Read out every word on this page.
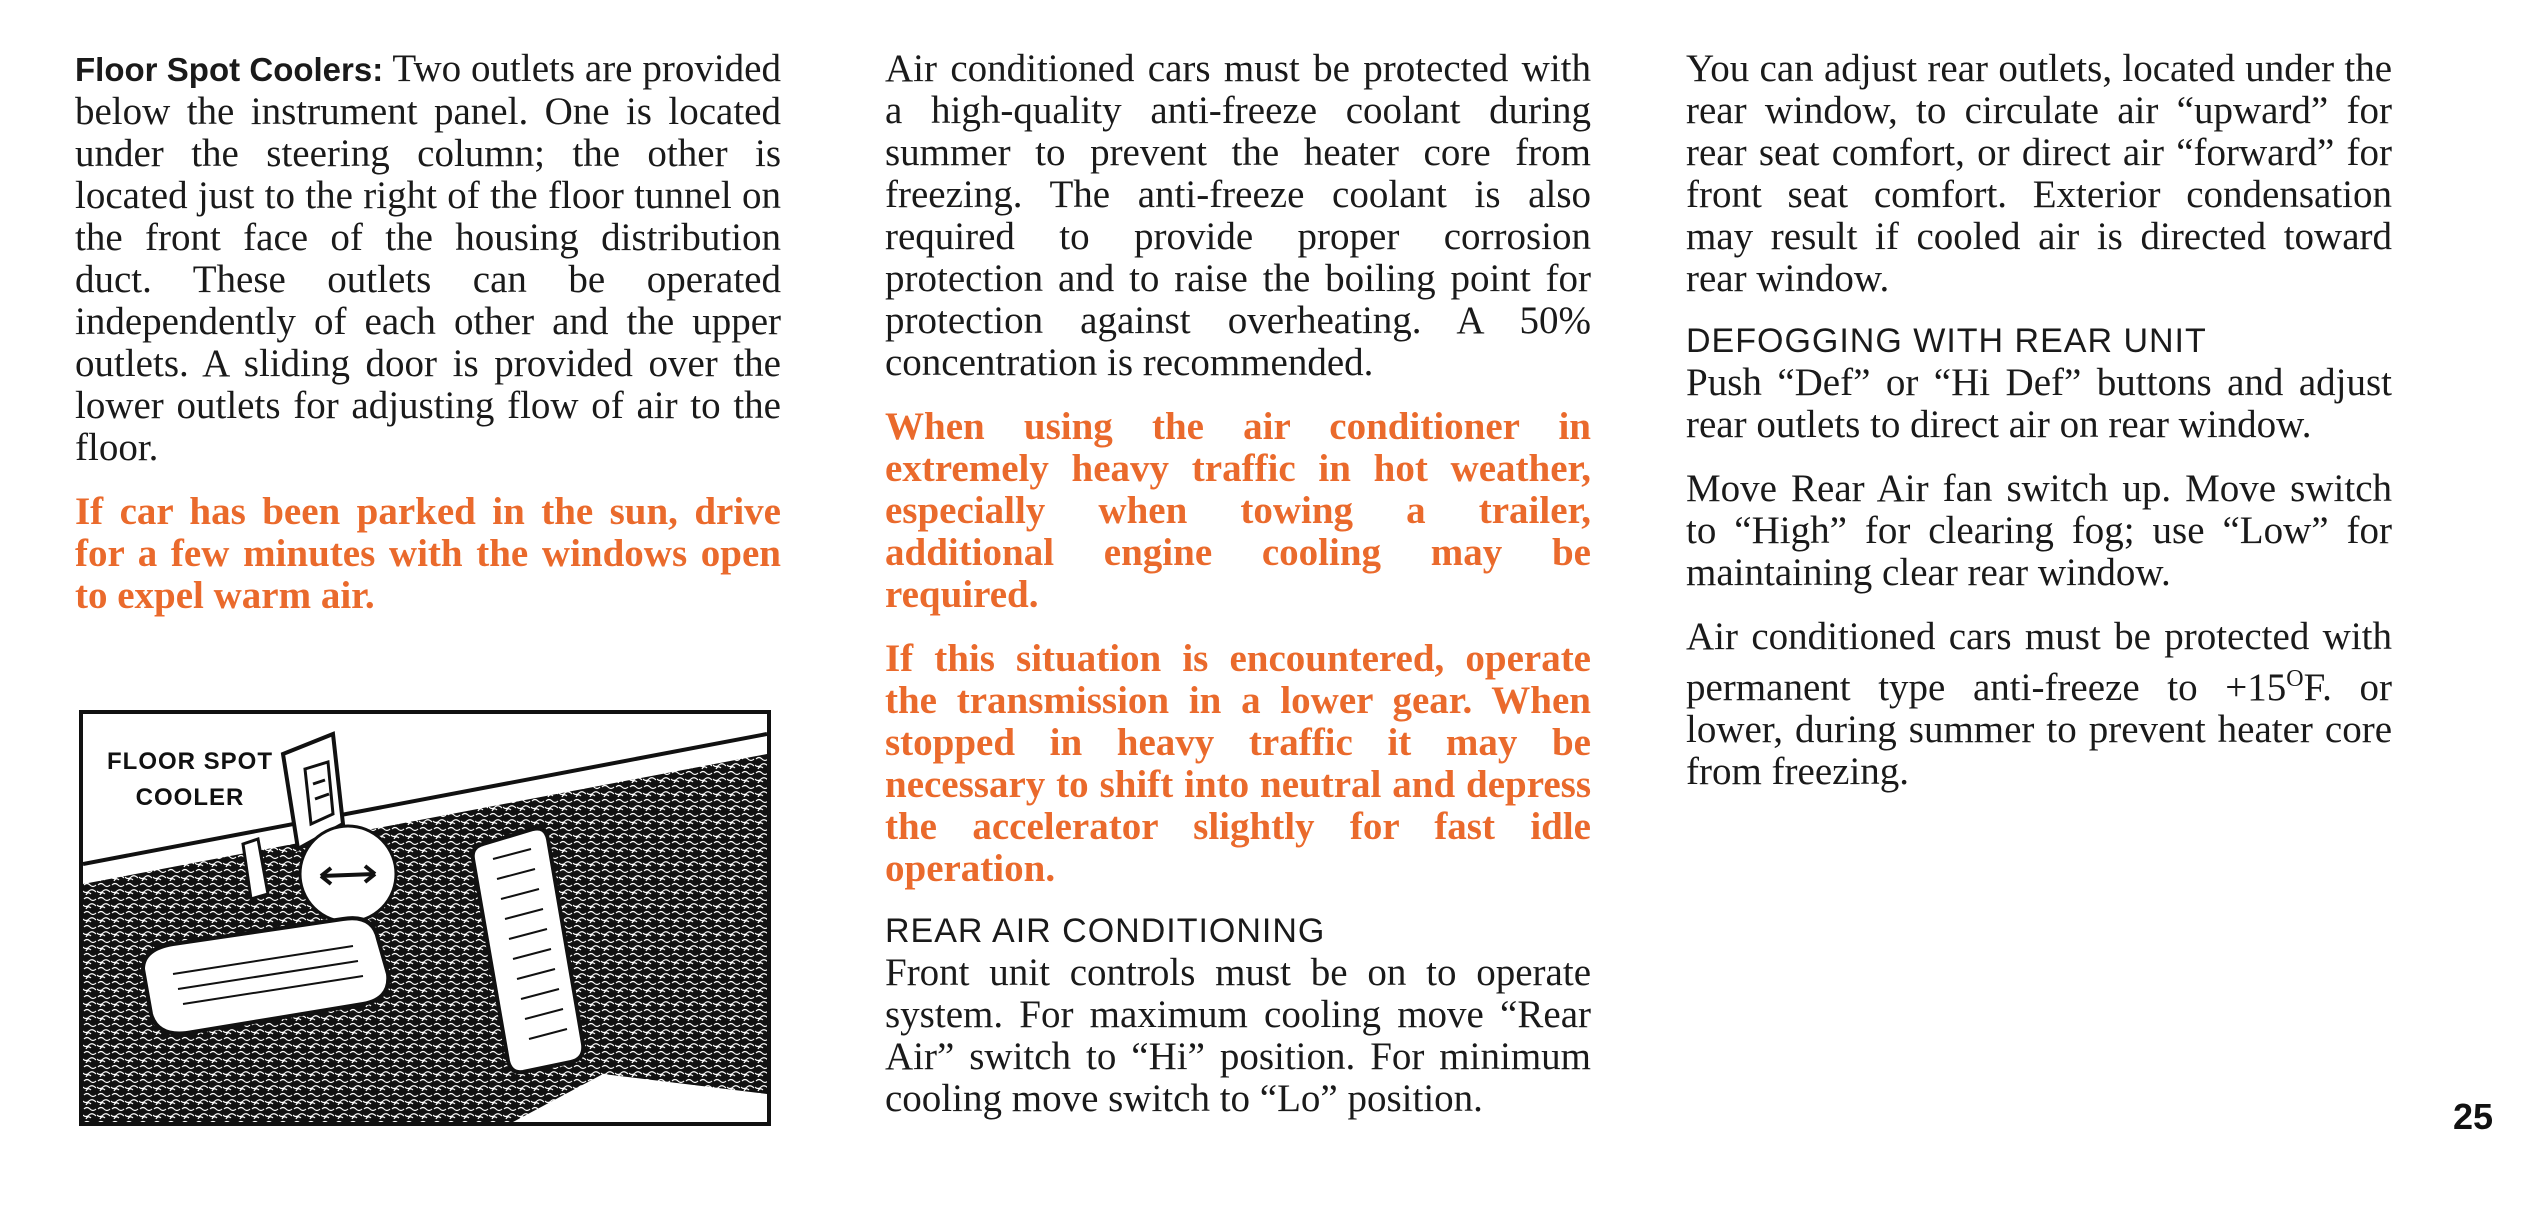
Floor Spot Coolers: Two outlets are provided below the instrument panel. One is located under the steering column; the other is located just to the right of the floor tunnel on the front face of the housing distribution duct. These outlets can be operated independently of each other and the upper outlets. A sliding door is provided over the lower outlets for adjusting flow of air to the floor.

If car has been parked in the sun, drive for a few minutes with the windows open to expel warm air.

FLOOR SPOT
COOLER

Air conditioned cars must be protected with a high-quality anti-freeze coolant during summer to prevent the heater core from freezing. The anti-freeze coolant is also required to provide proper corrosion protection and to raise the boiling point for protection against overheating. A 50% concentration is recommended.

When using the air conditioner in extremely heavy traffic in hot weather, especially when towing a trailer, additional engine cooling may be required.

If this situation is encountered, operate the transmission in a lower gear. When stopped in heavy traffic it may be necessary to shift into neutral and depress the accelerator slightly for fast idle operation.

REAR AIR CONDITIONING

Front unit controls must be on to operate system. For maximum cooling move “Rear Air” switch to “Hi” position. For minimum cooling move switch to “Lo” position.

You can adjust rear outlets, located under the rear window, to circulate air “upward” for rear seat comfort, or direct air “forward” for front seat comfort. Exterior condensation may result if cooled air is directed toward rear window.

DEFOGGING WITH REAR UNIT

Push “Def” or “Hi Def” buttons and adjust rear outlets to direct air on rear window.

Move Rear Air fan switch up. Move switch to “High” for clearing fog; use “Low” for maintaining clear rear window.

Air conditioned cars must be protected with permanent type anti-freeze to $+15^OF$. or lower, during summer to prevent heater core from freezing.

25
